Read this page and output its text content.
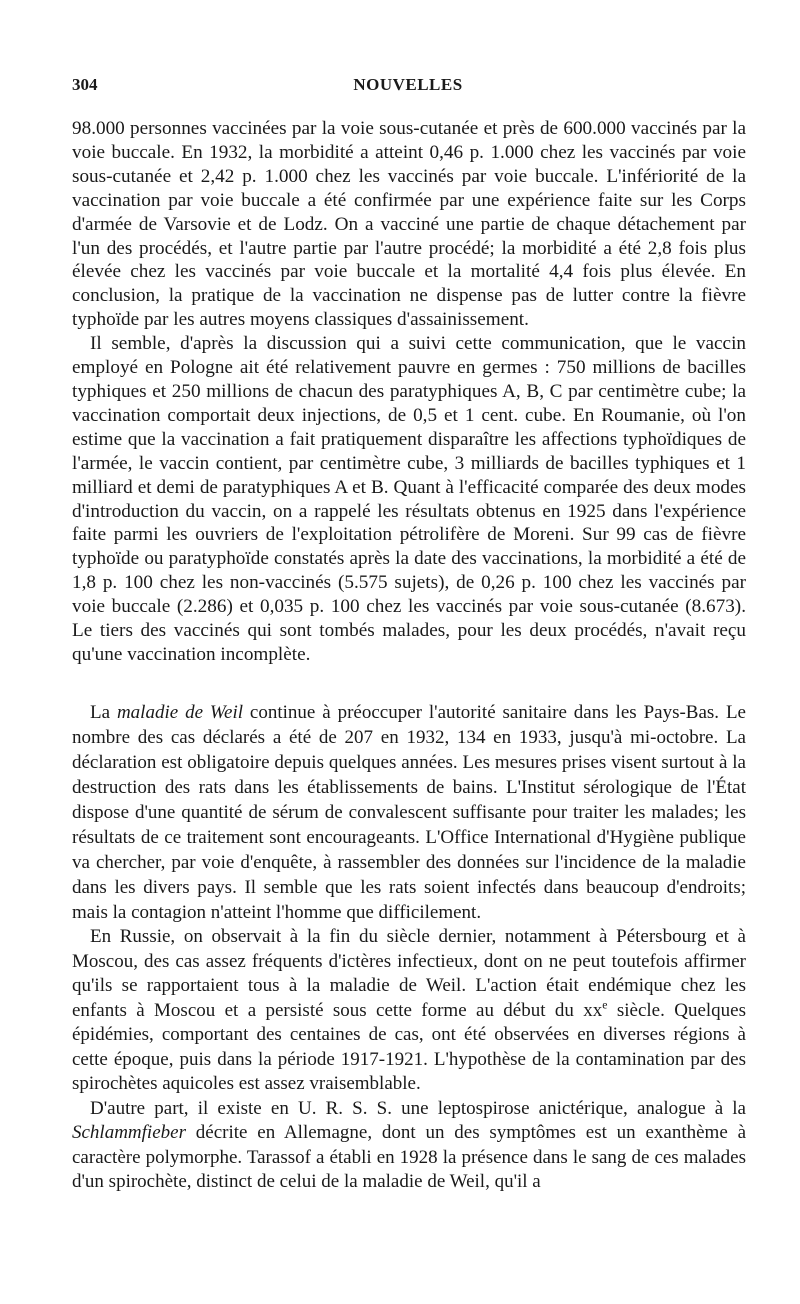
304	NOUVELLES

98.000 personnes vaccinées par la voie sous-cutanée et près de 600.000 vaccinés par la voie buccale. En 1932, la morbidité a atteint 0,46 p. 1.000 chez les vaccinés par voie sous-cutanée et 2,42 p. 1.000 chez les vaccinés par voie buccale. L'infériorité de la vaccination par voie buccale a été confirmée par une expérience faite sur les Corps d'armée de Varsovie et de Lodz. On a vacciné une partie de chaque détachement par l'un des procédés, et l'autre partie par l'autre procédé; la morbidité a été 2,8 fois plus élevée chez les vaccinés par voie buccale et la mortalité 4,4 fois plus élevée. En conclusion, la pratique de la vaccination ne dispense pas de lutter contre la fièvre typhoïde par les autres moyens classiques d'assainissement.

Il semble, d'après la discussion qui a suivi cette communication, que le vaccin employé en Pologne ait été relativement pauvre en germes : 750 millions de bacilles typhiques et 250 millions de chacun des paratyphiques A, B, C par centimètre cube; la vaccination comportait deux injections, de 0,5 et 1 cent. cube. En Roumanie, où l'on estime que la vaccination a fait pratiquement disparaître les affections typhoïdiques de l'armée, le vaccin contient, par centimètre cube, 3 milliards de bacilles typhiques et 1 milliard et demi de paratyphiques A et B. Quant à l'efficacité comparée des deux modes d'introduction du vaccin, on a rappelé les résultats obtenus en 1925 dans l'expérience faite parmi les ouvriers de l'exploitation pétrolifère de Moreni. Sur 99 cas de fièvre typhoïde ou paratyphoïde constatés après la date des vaccinations, la morbidité a été de 1,8 p. 100 chez les non-vaccinés (5.575 sujets), de 0,26 p. 100 chez les vaccinés par voie buccale (2.286) et 0,035 p. 100 chez les vaccinés par voie sous-cutanée (8.673). Le tiers des vaccinés qui sont tombés malades, pour les deux procédés, n'avait reçu qu'une vaccination incomplète.

La maladie de Weil continue à préoccuper l'autorité sanitaire dans les Pays-Bas. Le nombre des cas déclarés a été de 207 en 1932, 134 en 1933, jusqu'à mi-octobre. La déclaration est obligatoire depuis quelques années. Les mesures prises visent surtout à la destruction des rats dans les établissements de bains. L'Institut sérologique de l'État dispose d'une quantité de sérum de convalescent suffisante pour traiter les malades; les résultats de ce traitement sont encourageants. L'Office International d'Hygiène publique va chercher, par voie d'enquête, à rassembler des données sur l'incidence de la maladie dans les divers pays. Il semble que les rats soient infectés dans beaucoup d'endroits; mais la contagion n'atteint l'homme que difficilement.

En Russie, on observait à la fin du siècle dernier, notamment à Pétersbourg et à Moscou, des cas assez fréquents d'ictères infectieux, dont on ne peut toutefois affirmer qu'ils se rapportaient tous à la maladie de Weil. L'action était endémique chez les enfants à Moscou et a persisté sous cette forme au début du $xx^e$ siècle. Quelques épidémies, comportant des centaines de cas, ont été observées en diverses régions à cette époque, puis dans la période 1917-1921. L'hypothèse de la contamination par des spirochètes aquicoles est assez vraisemblable.

D'autre part, il existe en U. R. S. S. une leptospirose anictérique, analogue à la Schlammfieber décrite en Allemagne, dont un des symptômes est un exanthème à caractère polymorphe. Tarassof a établi en 1928 la présence dans le sang de ces malades d'un spirochète, distinct de celui de la maladie de Weil, qu'il a
